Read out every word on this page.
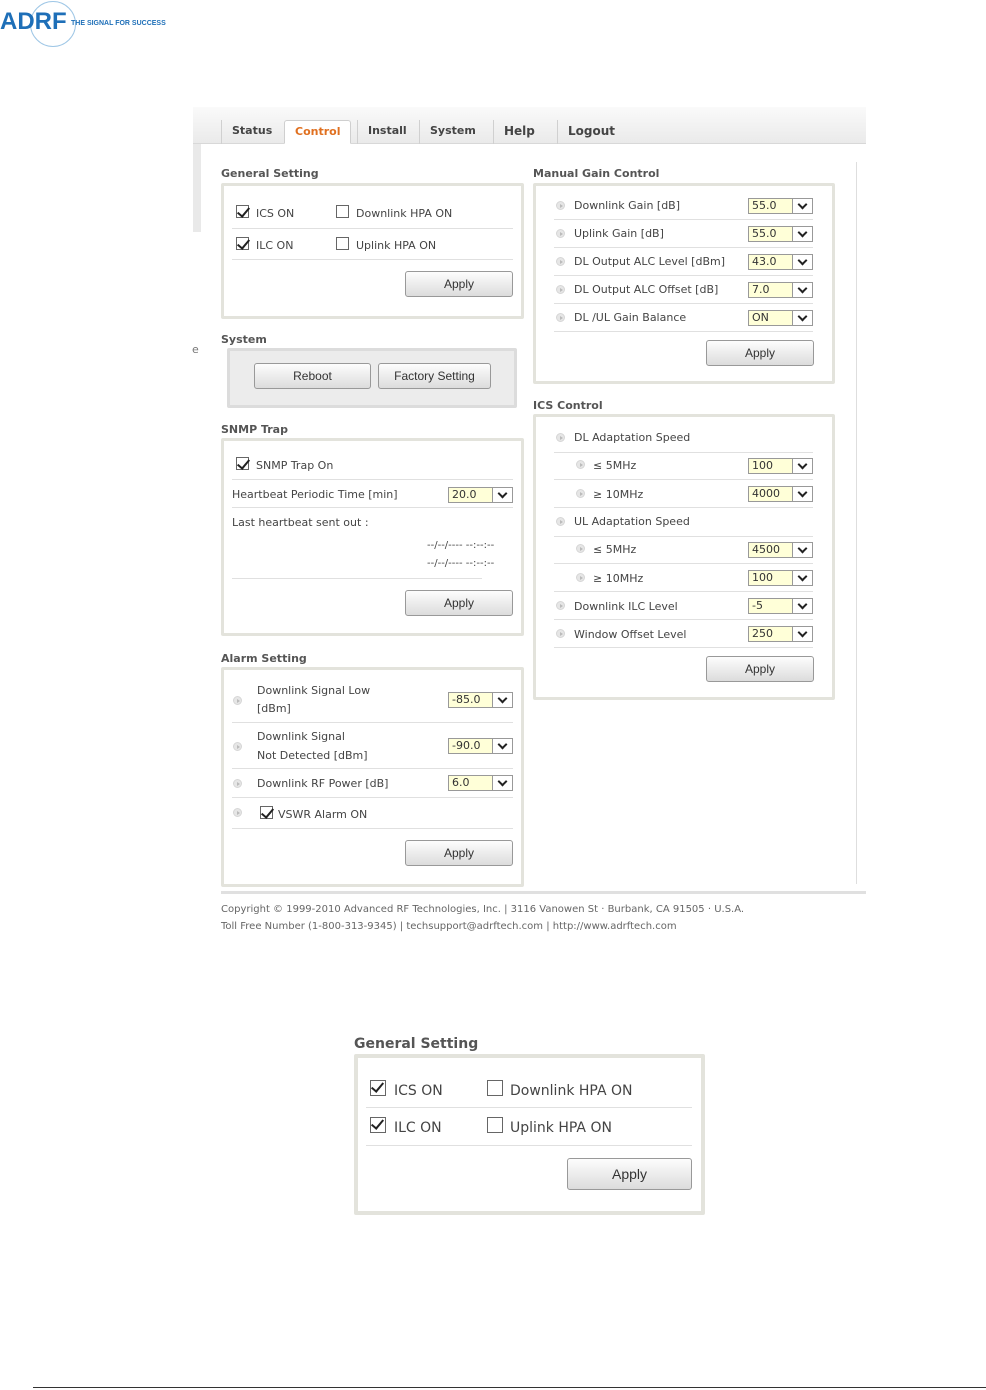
ADRF THE SIGNAL FOR SUCCESS
Status	Control	Install	System	Help	Logout
e
General Setting
ICS ON	Downlink HPA ON
ILC ON	Uplink HPA ON
Apply
System
Reboot	Factory Setting
SNMP Trap
SNMP Trap On
Heartbeat Periodic Time [min]	20.0
Last heartbeat sent out :
--/--/---- --:--:--
--/--/---- --:--:--
Apply
Alarm Setting
Downlink Signal Low
[dBm]
-85.0
Downlink Signal
Not Detected [dBm]
-90.0
Downlink RF Power [dB]	6.0
VSWR Alarm ON
Apply
Manual Gain Control
Downlink Gain [dB]	55.0
Uplink Gain [dB]	55.0
DL Output ALC Level [dBm]	43.0
DL Output ALC Offset [dB]	7.0
DL /UL Gain Balance	ON
Apply
ICS Control
DL Adaptation Speed
≤ 5MHz	100
≥ 10MHz	4000
UL Adaptation Speed
≤ 5MHz	4500
≥ 10MHz	100
Downlink ILC Level	-5
Window Offset Level	250
Apply
Copyright © 1999-2010 Advanced RF Technologies, Inc. | 3116 Vanowen St · Burbank, CA 91505 · U.S.A.
Toll Free Number (1-800-313-9345) | techsupport@adrftech.com | http://www.adrftech.com
General Setting
ICS ON	Downlink HPA ON
ILC ON	Uplink HPA ON
Apply
